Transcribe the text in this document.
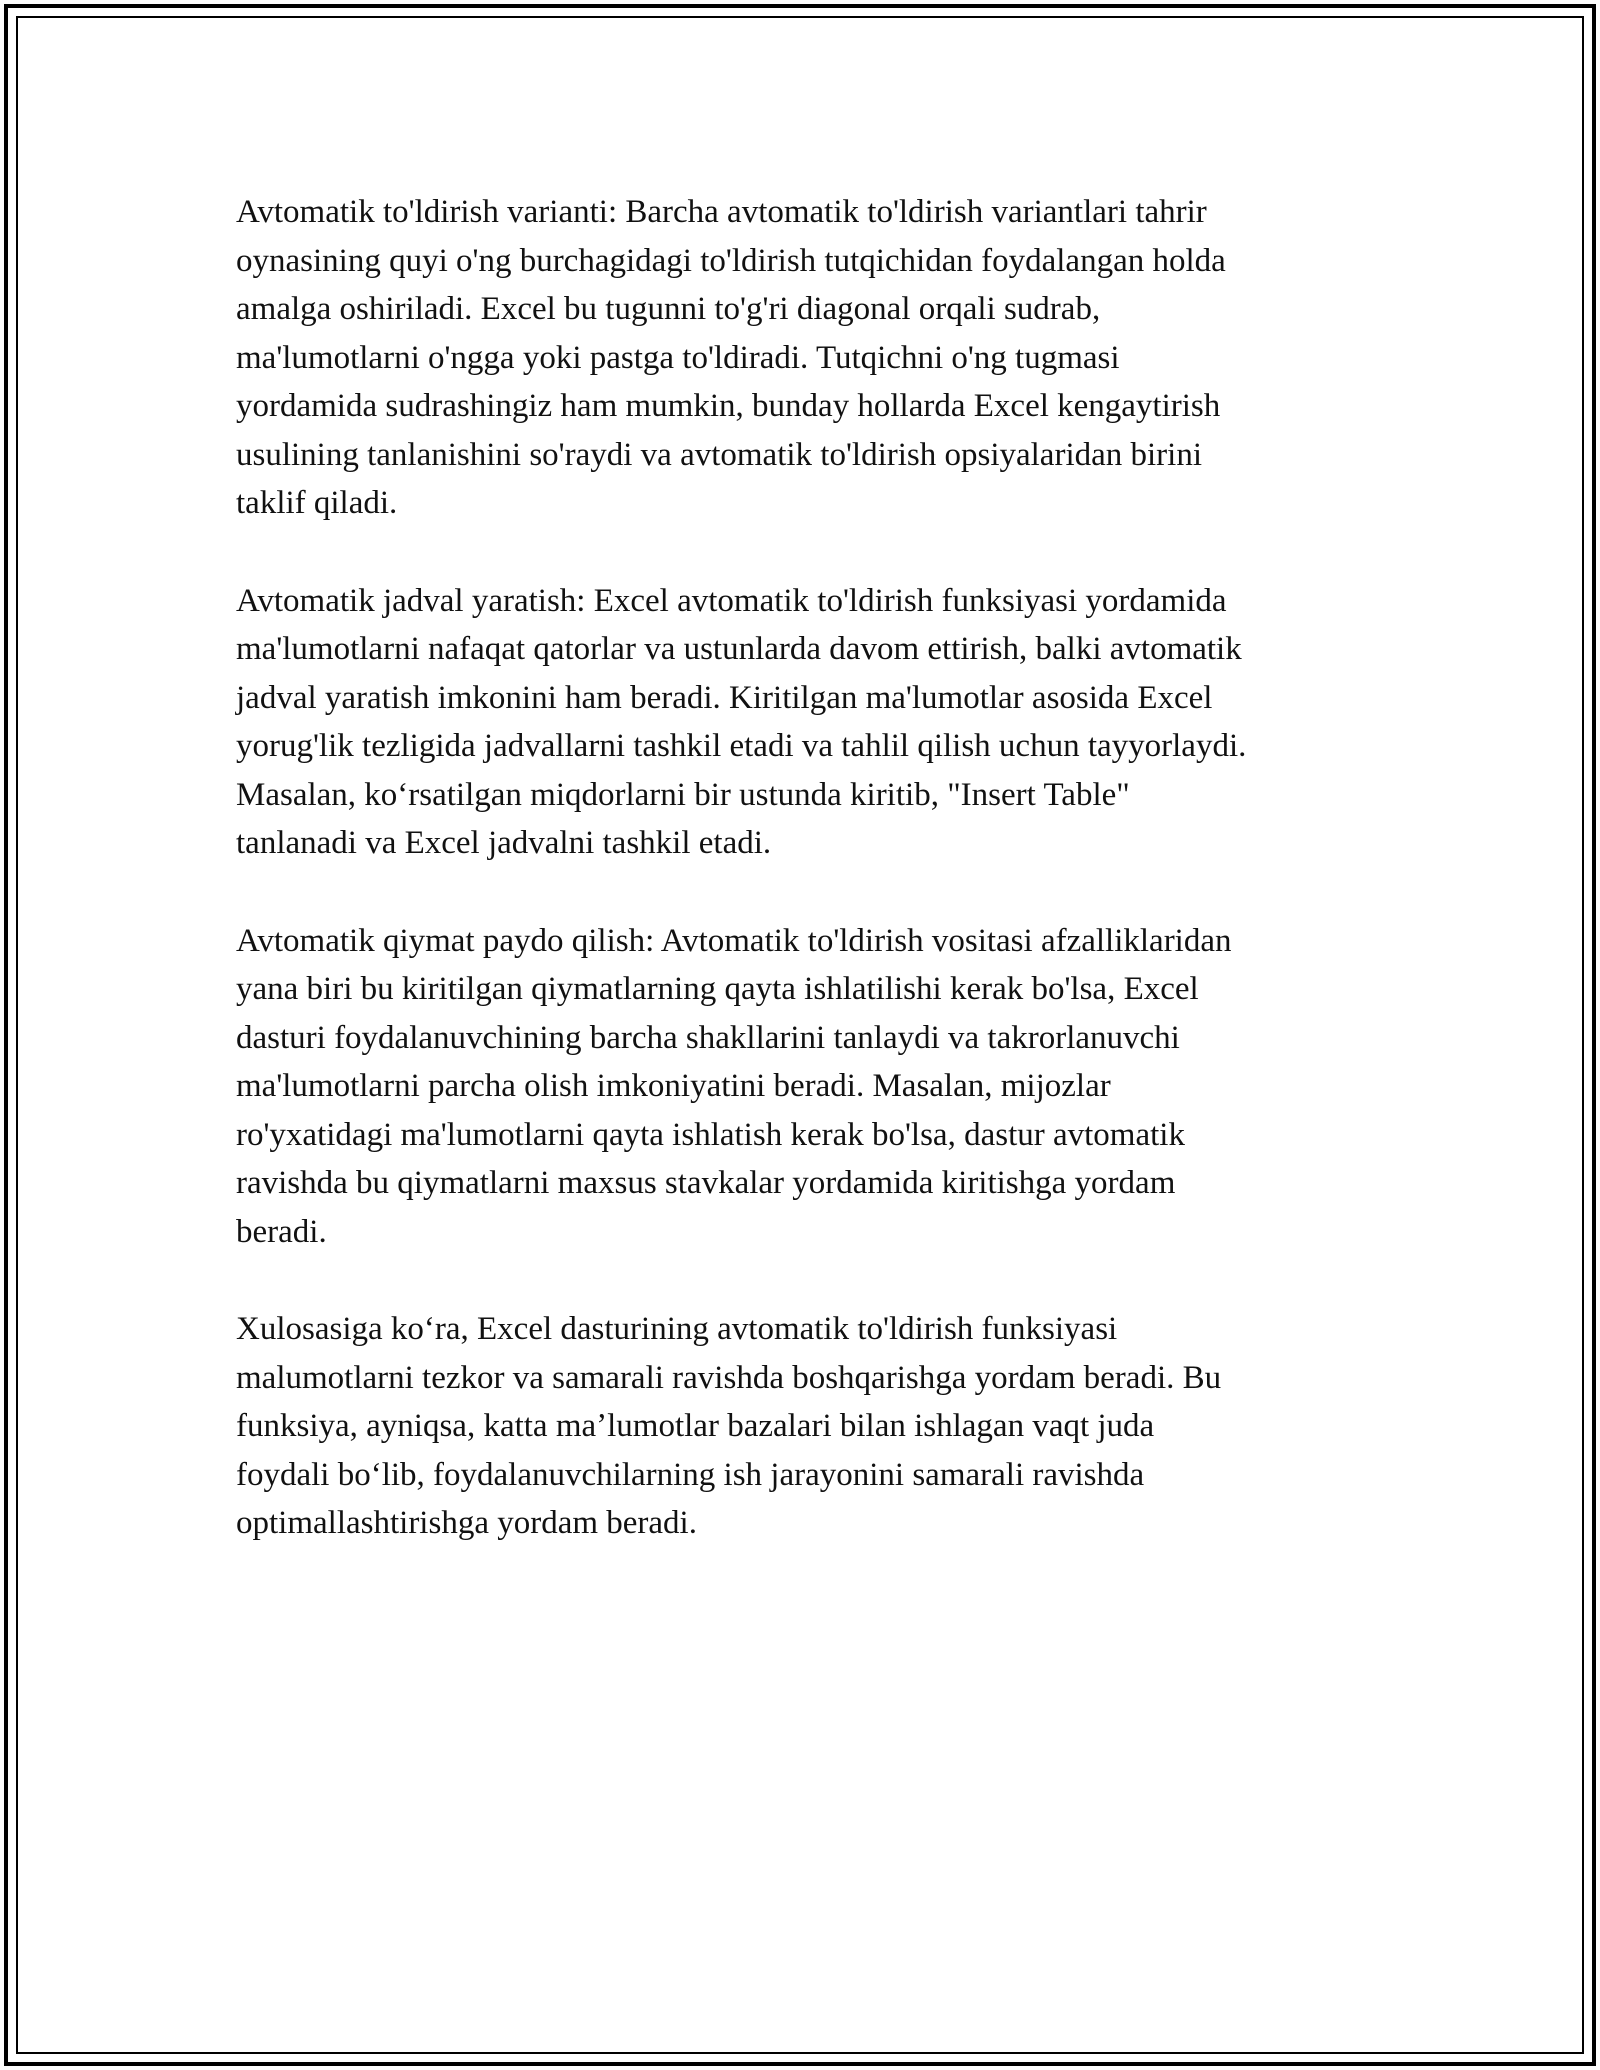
Avtomatik to'ldirish varianti: Barcha avtomatik to'ldirish variantlari tahrir
oynasining quyi o'ng burchagidagi to'ldirish tutqichidan foydalangan holda
amalga oshiriladi. Excel bu tugunni to'g'ri diagonal orqali sudrab,
ma'lumotlarni o'ngga yoki pastga to'ldiradi. Tutqichni o'ng tugmasi
yordamida sudrashingiz ham mumkin, bunday hollarda Excel kengaytirish
usulining tanlanishini so'raydi va avtomatik to'ldirish opsiyalaridan birini
taklif qiladi.

Avtomatik jadval yaratish: Excel avtomatik to'ldirish funksiyasi yordamida
ma'lumotlarni nafaqat qatorlar va ustunlarda davom ettirish, balki avtomatik
jadval yaratish imkonini ham beradi. Kiritilgan ma'lumotlar asosida Excel
yorug'lik tezligida jadvallarni tashkil etadi va tahlil qilish uchun tayyorlaydi.
Masalan, koʻrsatilgan miqdorlarni bir ustunda kiritib, "Insert Table"
tanlanadi va Excel jadvalni tashkil etadi.

Avtomatik qiymat paydo qilish: Avtomatik to'ldirish vositasi afzalliklaridan
yana biri bu kiritilgan qiymatlarning qayta ishlatilishi kerak bo'lsa, Excel
dasturi foydalanuvchining barcha shakllarini tanlaydi va takrorlanuvchi
ma'lumotlarni parcha olish imkoniyatini beradi. Masalan, mijozlar
ro'yxatidagi ma'lumotlarni qayta ishlatish kerak bo'lsa, dastur avtomatik
ravishda bu qiymatlarni maxsus stavkalar yordamida kiritishga yordam
beradi.

Xulosasiga koʻra, Excel dasturining avtomatik to'ldirish funksiyasi
malumotlarni tezkor va samarali ravishda boshqarishga yordam beradi. Bu
funksiya, ayniqsa, katta maʼlumotlar bazalari bilan ishlagan vaqt juda
foydali boʻlib, foydalanuvchilarning ish jarayonini samarali ravishda
optimallashtirishga yordam beradi.
